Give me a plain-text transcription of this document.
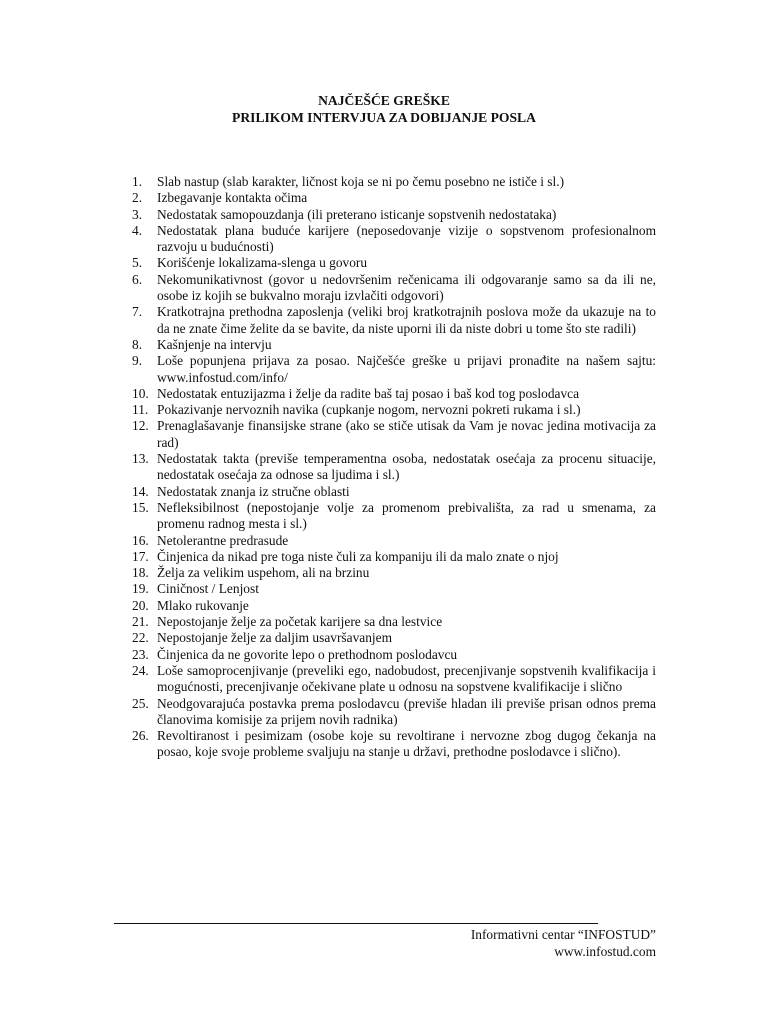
NAJČEŠĆE GREŠKE
PRILIKOM INTERVJUA ZA DOBIJANJE POSLA
1.	Slab nastup (slab karakter, ličnost koja se ni po čemu posebno ne ističe i sl.)
2.	Izbegavanje kontakta očima
3.	Nedostatak samopouzdanja (ili preterano isticanje sopstvenih nedostataka)
4.	Nedostatak plana buduće karijere (neposedovanje vizije o sopstvenom profesionalnom razvoju u budućnosti)
5.	Korišćenje lokalizama-slenga u govoru
6.	Nekomunikativnost (govor u nedovršenim rečenicama ili odgovaranje samo sa da ili ne, osobe iz kojih se bukvalno moraju izvlačiti odgovori)
7.	Kratkotrajna prethodna zaposlenja (veliki broj kratkotrajnih poslova može da ukazuje na to da ne znate čime želite da se bavite, da niste uporni ili da niste dobri u tome što ste radili)
8.	Kašnjenje na intervju
9.	Loše popunjena prijava za posao. Najčešće greške u prijavi pronađite na našem sajtu: www.infostud.com/info/
10. Nedostatak entuzijazma i želje da radite baš taj posao i baš kod tog poslodavca
11. Pokazivanje nervoznih navika (cupkanje nogom, nervozni pokreti rukama i sl.)
12. Prenaglašavanje finansijske strane (ako se stiče utisak da Vam je novac jedina motivacija za rad)
13. Nedostatak takta (previše temperamentna osoba, nedostatak osećaja za procenu situacije, nedostatak osećaja za odnose sa ljudima i sl.)
14. Nedostatak znanja iz stručne oblasti
15. Nefleksibilnost (nepostojanje volje za promenom prebivališta, za rad u smenama, za promenu radnog mesta i sl.)
16. Netolerantne predrasude
17. Činjenica da nikad pre toga niste čuli za kompaniju ili da malo znate o njoj
18. Želja za velikim uspehom, ali na brzinu
19. Ciničnost / Lenjost
20. Mlako rukovanje
21. Nepostojanje želje za početak karijere sa dna lestvice
22. Nepostojanje želje za daljim usavršavanjem
23. Činjenica da ne govorite lepo o prethodnom poslodavcu
24. Loše samoprocenjivanje (preveliki ego, nadobudost, precenjivanje sopstvenih kvalifikacija i mogućnosti, precenjivanje očekivane plate u odnosu na sopstvene kvalifikacije i slično
25. Neodgovarajuća postavka prema poslodavcu (previše hladan ili previše prisan odnos prema članovima komisije za prijem novih radnika)
26. Revoltiranost i pesimizam (osobe koje su revoltirane i nervozne zbog dugog čekanja na posao, koje svoje probleme svaljuju na stanje u državi, prethodne poslodavce i slično).
Informativni centar “INFOSTUD”
www.infostud.com
